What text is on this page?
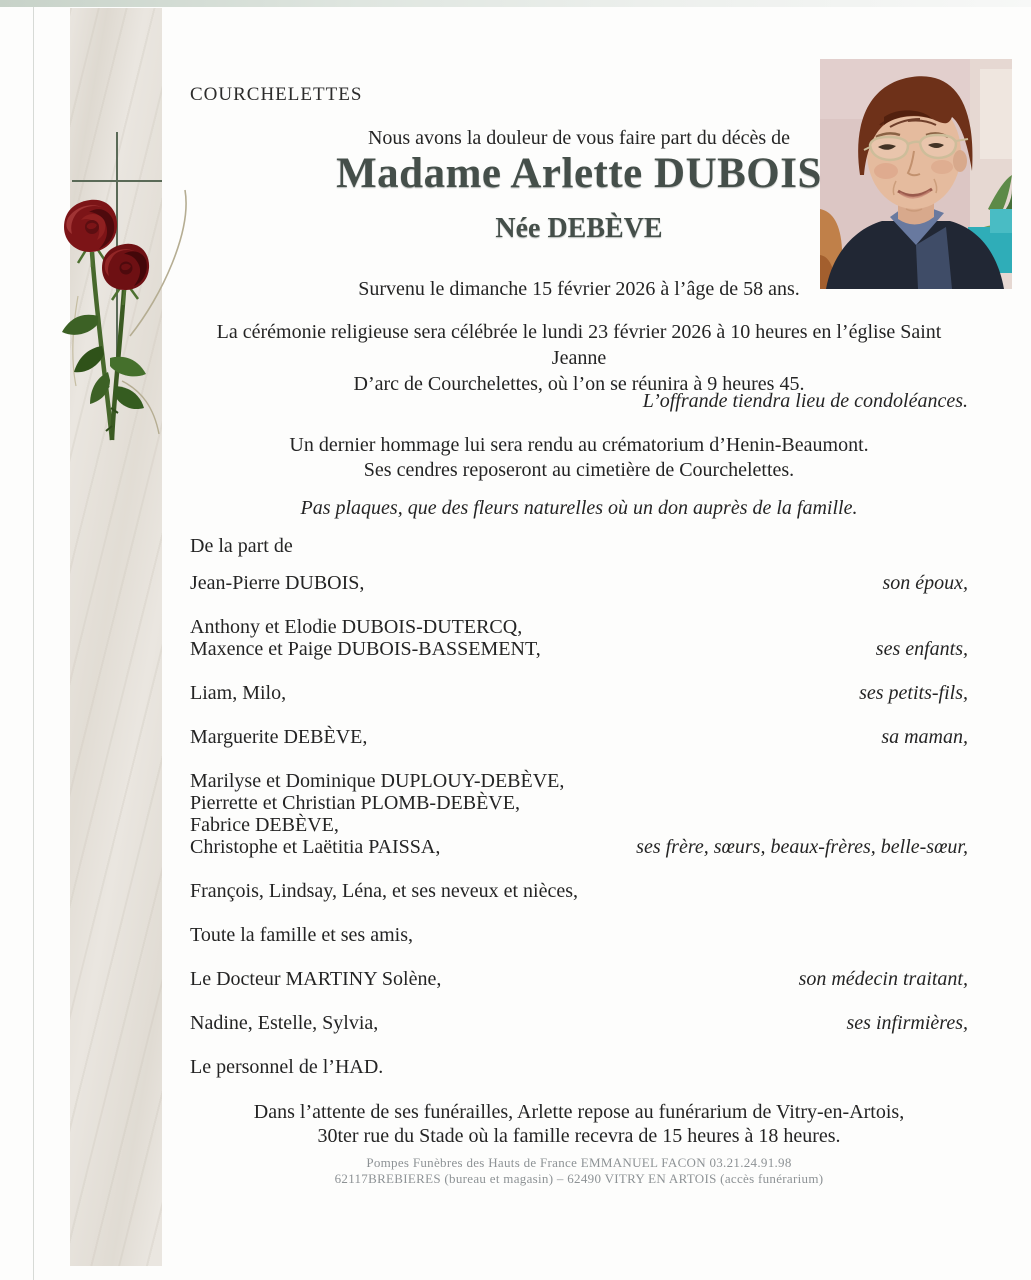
COURCHELETTES
Nous avons la douleur de vous faire part du décès de
Madame Arlette DUBOIS
Née DEBÈVE
Survenu le dimanche 15 février 2026 à l’âge de 58 ans.
La cérémonie religieuse sera célébrée le lundi 23 février 2026 à 10 heures en l’église Saint Jeanne
D’arc de Courchelettes, où l’on se réunira à 9 heures 45.
L’offrande tiendra lieu de condoléances.
Un dernier hommage lui sera rendu au crématorium d’Henin-Beaumont.
Ses cendres reposeront au cimetière de Courchelettes.
Pas plaques, que des fleurs naturelles où un don auprès de la famille.
De la part de
Jean-Pierre DUBOIS,	son époux,
Anthony et Elodie DUBOIS-DUTERCQ,
Maxence et Paige DUBOIS-BASSEMENT,	ses enfants,
Liam, Milo,	ses petits-fils,
Marguerite DEBÈVE,	sa maman,
Marilyse et Dominique DUPLOUY-DEBÈVE,
Pierrette et Christian PLOMB-DEBÈVE,
Fabrice DEBÈVE,
Christophe et Laëtitia PAISSA,	ses frère, sœurs, beaux-frères, belle-sœur,
François, Lindsay, Léna, et ses neveux et nièces,
Toute la famille et ses amis,
Le Docteur MARTINY Solène,	son médecin traitant,
Nadine, Estelle, Sylvia,	ses infirmières,
Le personnel de l’HAD.
Dans l’attente de ses funérailles, Arlette repose au funérarium de Vitry-en-Artois,
30ter rue du Stade où la famille recevra de 15 heures à 18 heures.
Pompes Funèbres des Hauts de France EMMANUEL FACON 03.21.24.91.98
62117BREBIERES (bureau et magasin) – 62490 VITRY EN ARTOIS (accès funérarium)
